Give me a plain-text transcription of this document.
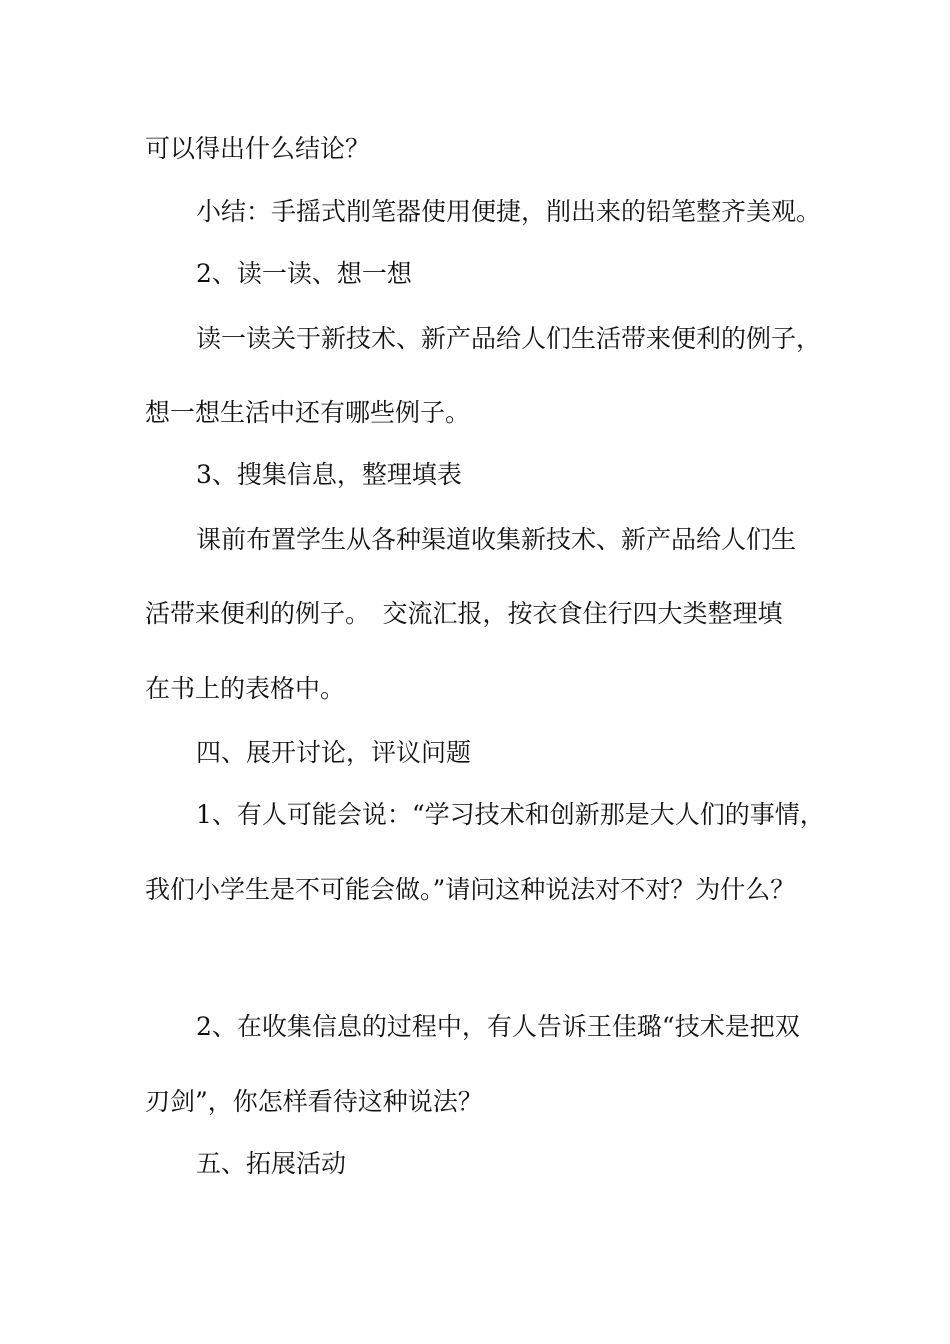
可以得出什么结论？
小结：手摇式削笔器使用便捷，削出来的铅笔整齐美观。
2、读一读、想一想
读一读关于新技术、新产品给人们生活带来便利的例子，
想一想生活中还有哪些例子。
3、搜集信息，整理填表
课前布置学生从各种渠道收集新技术、新产品给人们生
活带来便利的例子。　交流汇报，按衣食住行四大类整理填
在书上的表格中。
四、展开讨论，评议问题
1、有人可能会说：“学习技术和创新那是大人们的事情，
我们小学生是不可能会做。”请问这种说法对不对？为什么？
2、在收集信息的过程中，有人告诉王佳璐“技术是把双
刃剑”，你怎样看待这种说法？
五、拓展活动
